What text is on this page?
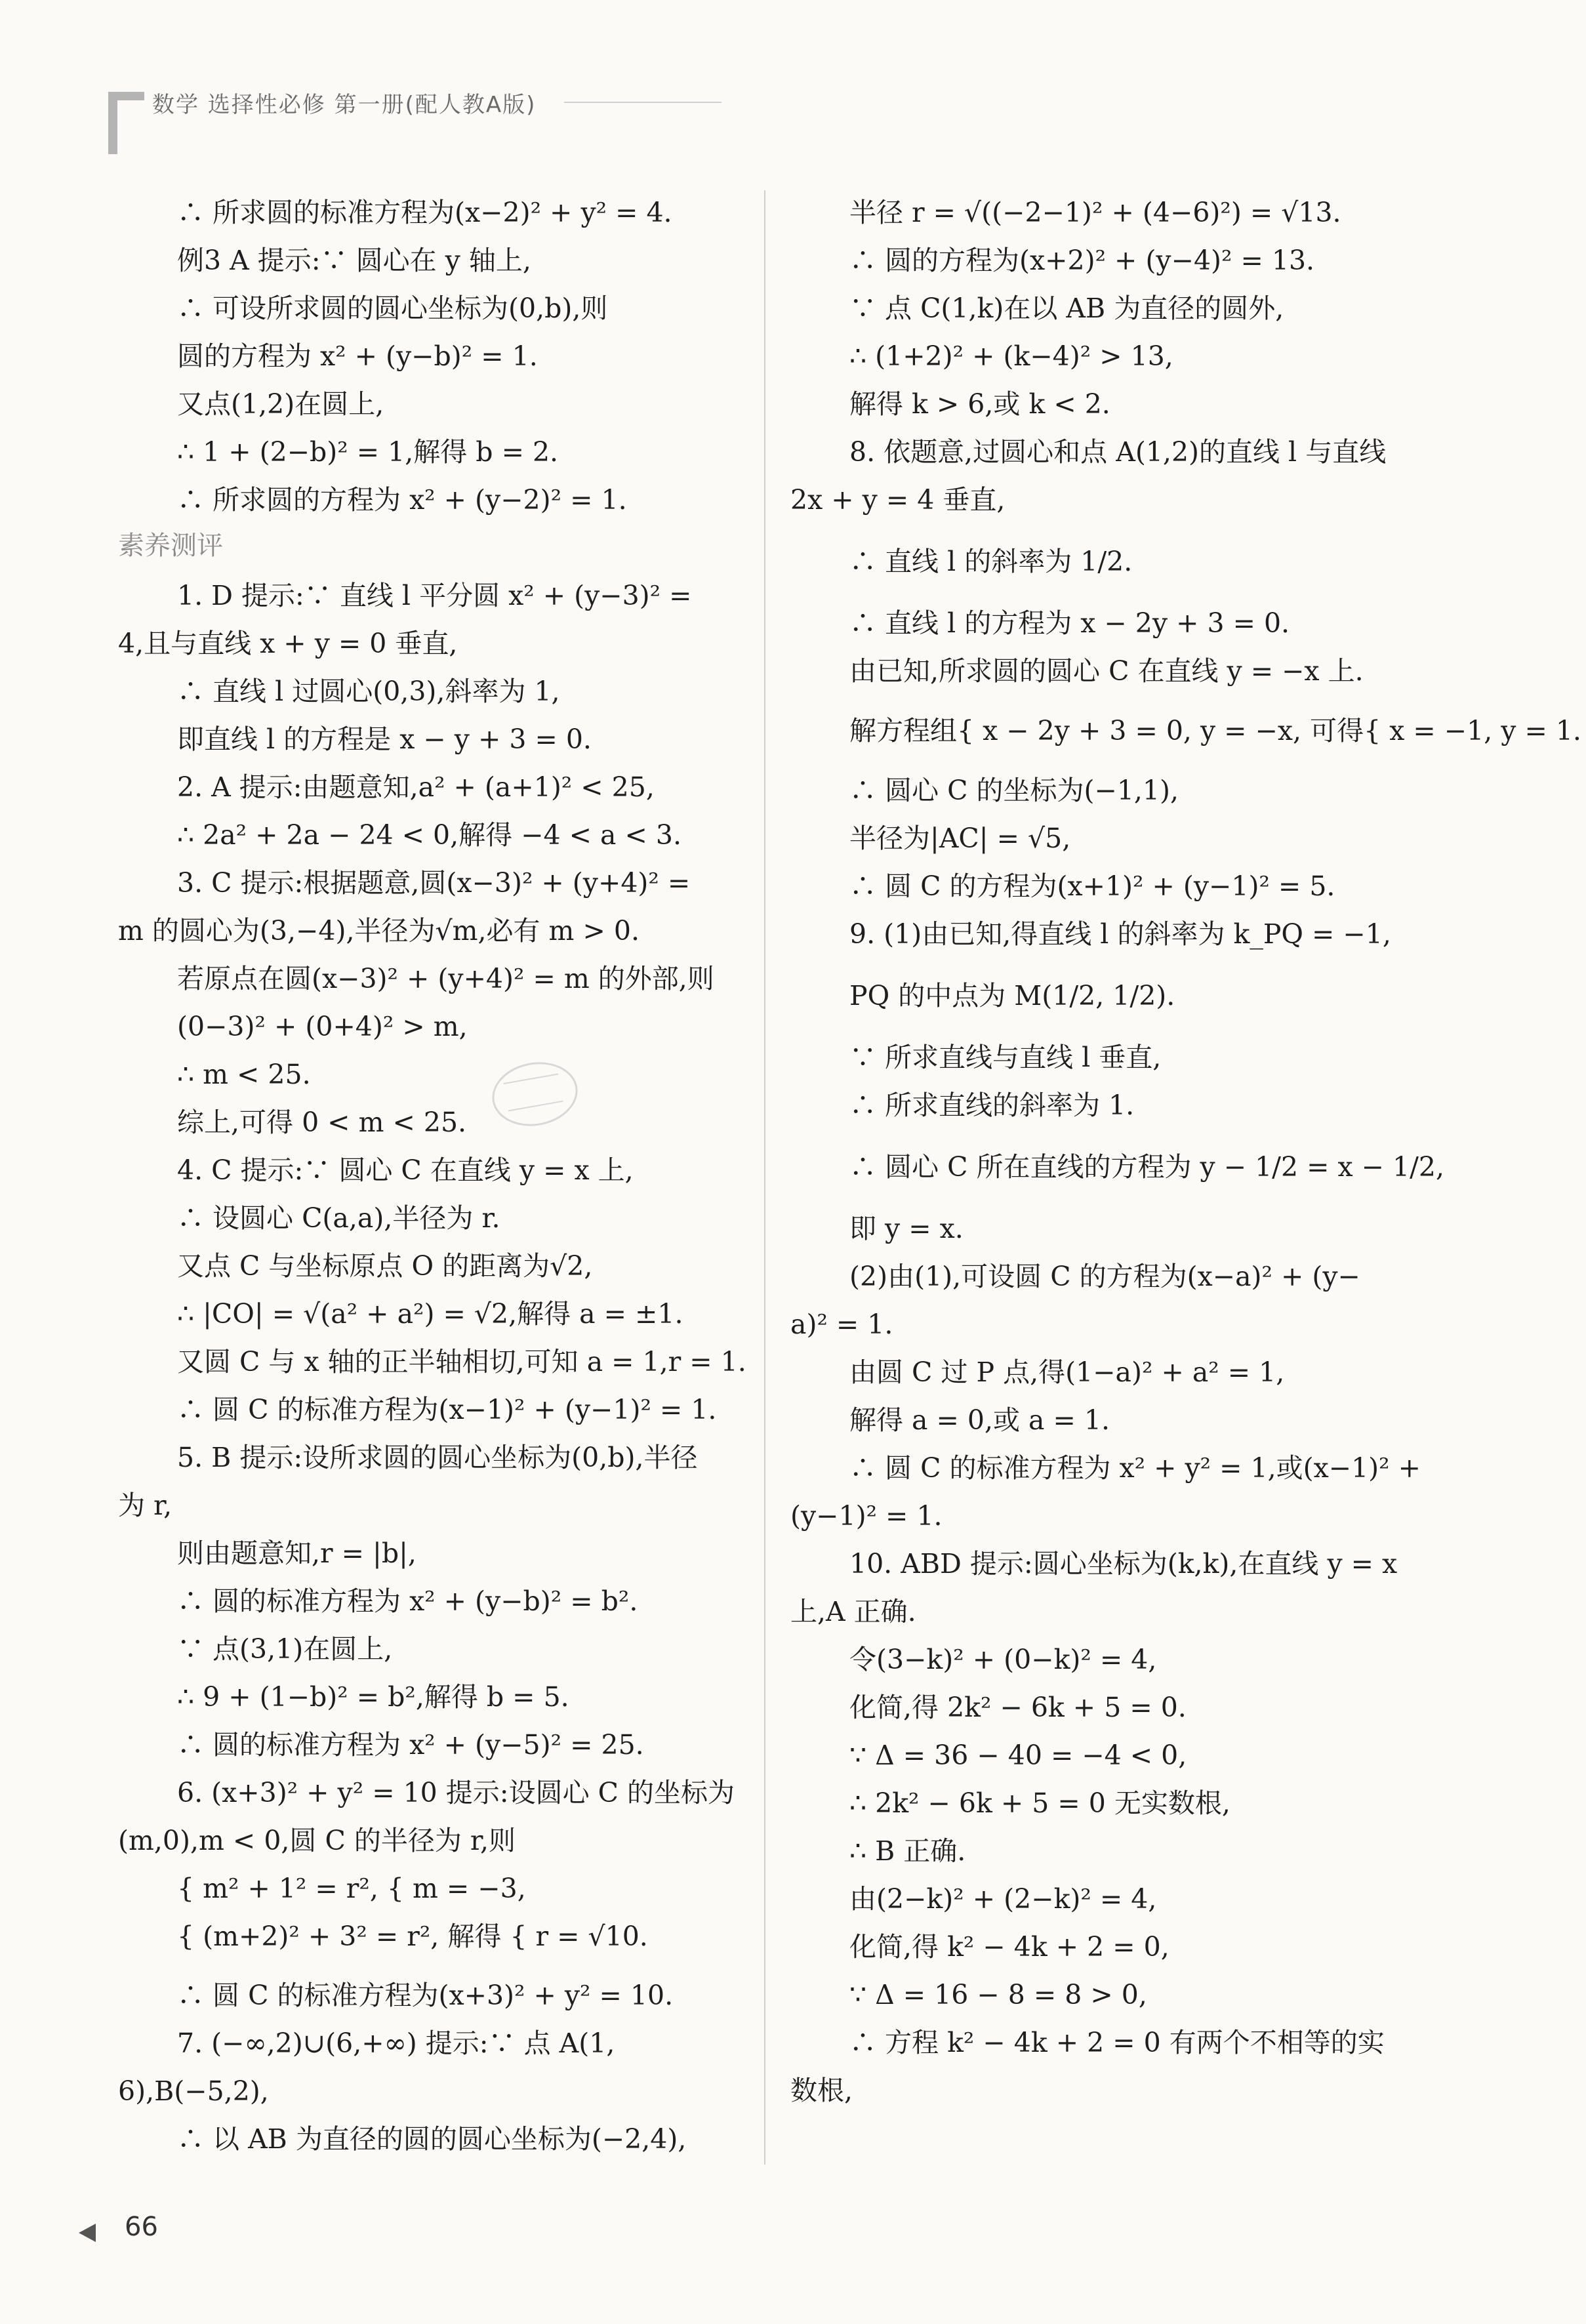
数学 选择性必修 第一册(配人教A版)
素养测评
∴ 所求圆的标准方程为(x−2)² + y² = 4.
例3 A 提示:∵ 圆心在 y 轴上,
∴ 可设所求圆的圆心坐标为(0,b),则
圆的方程为 x² + (y−b)² = 1.
又点(1,2)在圆上,
∴ 1 + (2−b)² = 1,解得 b = 2.
∴ 所求圆的方程为 x² + (y−2)² = 1.
1. D 提示:∵ 直线 l 平分圆 x² + (y−3)² =
4,且与直线 x + y = 0 垂直,
∴ 直线 l 过圆心(0,3),斜率为 1,
即直线 l 的方程是 x − y + 3 = 0.
2. A 提示:由题意知,a² + (a+1)² < 25,
∴ 2a² + 2a − 24 < 0,解得 −4 < a < 3.
3. C 提示:根据题意,圆(x−3)² + (y+4)² =
m 的圆心为(3,−4),半径为√m,必有 m > 0.
若原点在圆(x−3)² + (y+4)² = m 的外部,则
(0−3)² + (0+4)² > m,
∴ m < 25.
综上,可得 0 < m < 25.
4. C 提示:∵ 圆心 C 在直线 y = x 上,
∴ 设圆心 C(a,a),半径为 r.
又点 C 与坐标原点 O 的距离为√2,
∴ |CO| = √(a² + a²) = √2,解得 a = ±1.
又圆 C 与 x 轴的正半轴相切,可知 a = 1,r = 1.
∴ 圆 C 的标准方程为(x−1)² + (y−1)² = 1.
5. B 提示:设所求圆的圆心坐标为(0,b),半径
为 r,
则由题意知,r = |b|,
∴ 圆的标准方程为 x² + (y−b)² = b².
∵ 点(3,1)在圆上,
∴ 9 + (1−b)² = b²,解得 b = 5.
∴ 圆的标准方程为 x² + (y−5)² = 25.
6. (x+3)² + y² = 10 提示:设圆心 C 的坐标为
(m,0),m < 0,圆 C 的半径为 r,则
{ m² + 1² = r², { m = −3,
{ (m+2)² + 3² = r², 解得 { r = √10.
∴ 圆 C 的标准方程为(x+3)² + y² = 10.
7. (−∞,2)∪(6,+∞) 提示:∵ 点 A(1,
6),B(−5,2),
∴ 以 AB 为直径的圆的圆心坐标为(−2,4),
半径 r = √((−2−1)² + (4−6)²) = √13.
∴ 圆的方程为(x+2)² + (y−4)² = 13.
∵ 点 C(1,k)在以 AB 为直径的圆外,
∴ (1+2)² + (k−4)² > 13,
解得 k > 6,或 k < 2.
8. 依题意,过圆心和点 A(1,2)的直线 l 与直线
2x + y = 4 垂直,
∴ 直线 l 的斜率为 1/2.
∴ 直线 l 的方程为 x − 2y + 3 = 0.
由已知,所求圆的圆心 C 在直线 y = −x 上.
解方程组{ x − 2y + 3 = 0, y = −x, 可得{ x = −1, y = 1.
∴ 圆心 C 的坐标为(−1,1),
半径为|AC| = √5,
∴ 圆 C 的方程为(x+1)² + (y−1)² = 5.
9. (1)由已知,得直线 l 的斜率为 k_PQ = −1,
PQ 的中点为 M(1/2, 1/2).
∵ 所求直线与直线 l 垂直,
∴ 所求直线的斜率为 1.
∴ 圆心 C 所在直线的方程为 y − 1/2 = x − 1/2,
即 y = x.
(2)由(1),可设圆 C 的方程为(x−a)² + (y−
a)² = 1.
由圆 C 过 P 点,得(1−a)² + a² = 1,
解得 a = 0,或 a = 1.
∴ 圆 C 的标准方程为 x² + y² = 1,或(x−1)² +
(y−1)² = 1.
10. ABD 提示:圆心坐标为(k,k),在直线 y = x
上,A 正确.
令(3−k)² + (0−k)² = 4,
化简,得 2k² − 6k + 5 = 0.
∵ Δ = 36 − 40 = −4 < 0,
∴ 2k² − 6k + 5 = 0 无实数根,
∴ B 正确.
由(2−k)² + (2−k)² = 4,
化简,得 k² − 4k + 2 = 0,
∵ Δ = 16 − 8 = 8 > 0,
∴ 方程 k² − 4k + 2 = 0 有两个不相等的实
数根,
66
